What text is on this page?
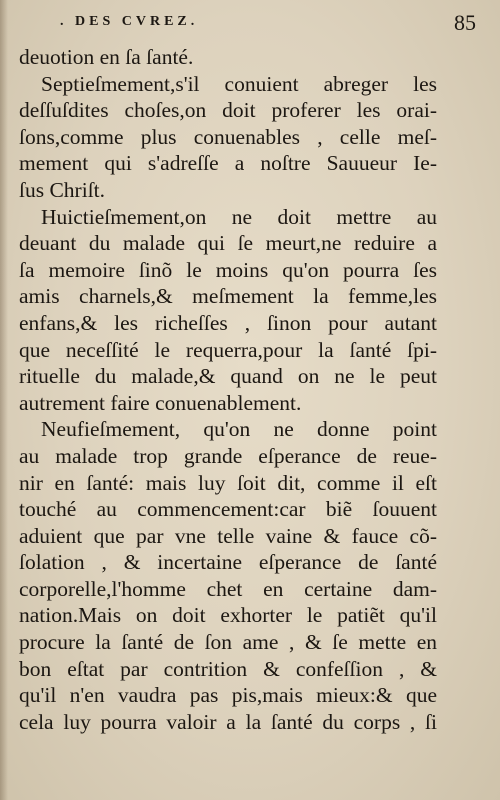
. DES CVREZ.	85
deuotion en ſa ſanté.
Septieſmement,s'il conuient abreger les
deſſuſdites choſes,on doit proferer les orai-
ſons,comme plus conuenables , celle meſ-
mement qui s'adreſſe a noſtre Sauueur Ie-
ſus Chriſt.
Huictieſmement,on ne doit mettre au
deuant du malade qui ſe meurt,ne reduire a
ſa memoire ſinõ le moins qu'on pourra ſes
amis charnels,& meſmement la femme,les
enfans,& les richeſſes , ſinon pour autant
que neceſſité le requerra,pour la ſanté ſpi-
rituelle du malade,& quand on ne le peut
autrement faire conuenablement.
Neufieſmement, qu'on ne donne point
au malade trop grande eſperance de reue-
nir en ſanté: mais luy ſoit dit, comme il eſt
touché au commencement:car biẽ ſouuent
aduient que par vne telle vaine & fauce cõ-
ſolation , & incertaine eſperance de ſanté
corporelle,l'homme chet en certaine dam-
nation.Mais on doit exhorter le patiẽt qu'il
procure la ſanté de ſon ame , & ſe mette en
bon eſtat par contrition & confeſſion , &
qu'il n'en vaudra pas pis,mais mieux:& que
cela luy pourra valoir a la ſanté du corps , ſi
